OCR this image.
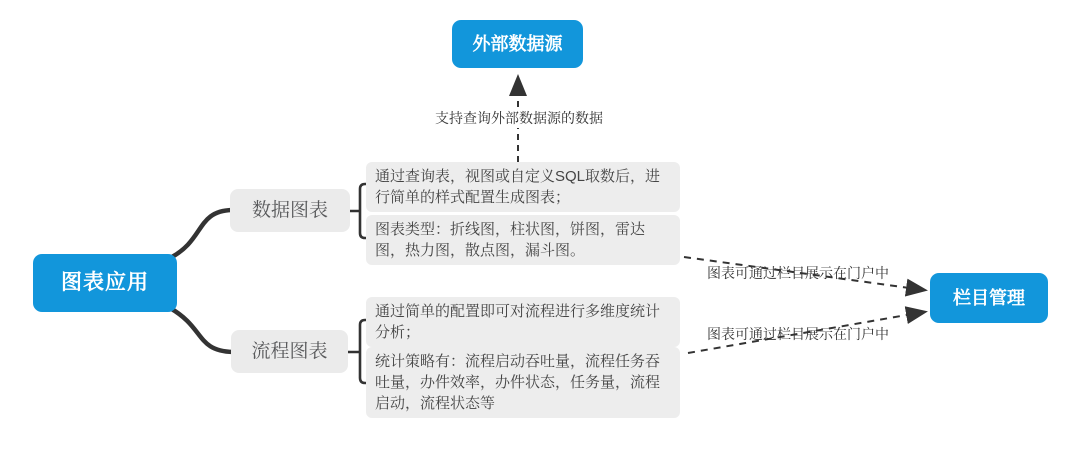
图表应用
外部数据源
栏目管理
数据图表
流程图表
通过查询表，视图或自定义SQL取数后，进行简单的样式配置生成图表；
图表类型：折线图，柱状图，饼图，雷达图，热力图，散点图，漏斗图。
通过简单的配置即可对流程进行多维度统计分析；
统计策略有：流程启动吞吐量，流程任务吞吐量，办件效率，办件状态，任务量，流程启动，流程状态等
支持查询外部数据源的数据
图表可通过栏目展示在门户中
图表可通过栏目展示在门户中
